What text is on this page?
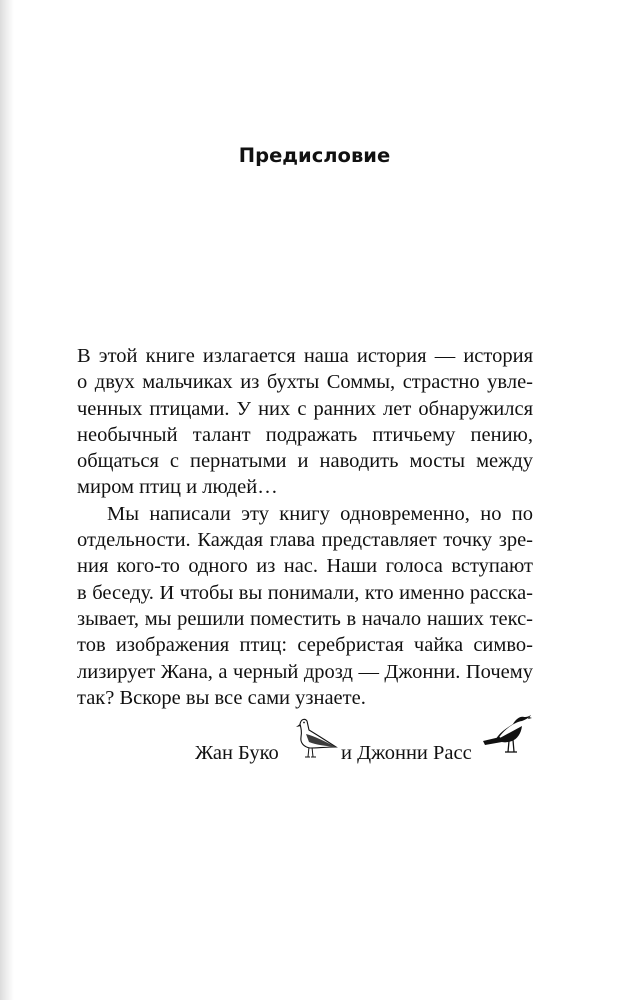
Предисловие
В этой книге излагается наша история — история
о двух мальчиках из бухты Соммы, страстно увле-
ченных птицами. У них с ранних лет обнаружился
необычный талант подражать птичьему пению,
общаться с пернатыми и наводить мосты между
миром птиц и людей…
Мы написали эту книгу одновременно, но по
отдельности. Каждая глава представляет точку зре-
ния кого-то одного из нас. Наши голоса вступают
в беседу. И чтобы вы понимали, кто именно расска-
зывает, мы решили поместить в начало наших текс-
тов изображения птиц: серебристая чайка симво-
лизирует Жана, а черный дрозд — Джонни. Почему
так? Вскоре вы все сами узнаете.
Жан Буко	и Джонни Расс
